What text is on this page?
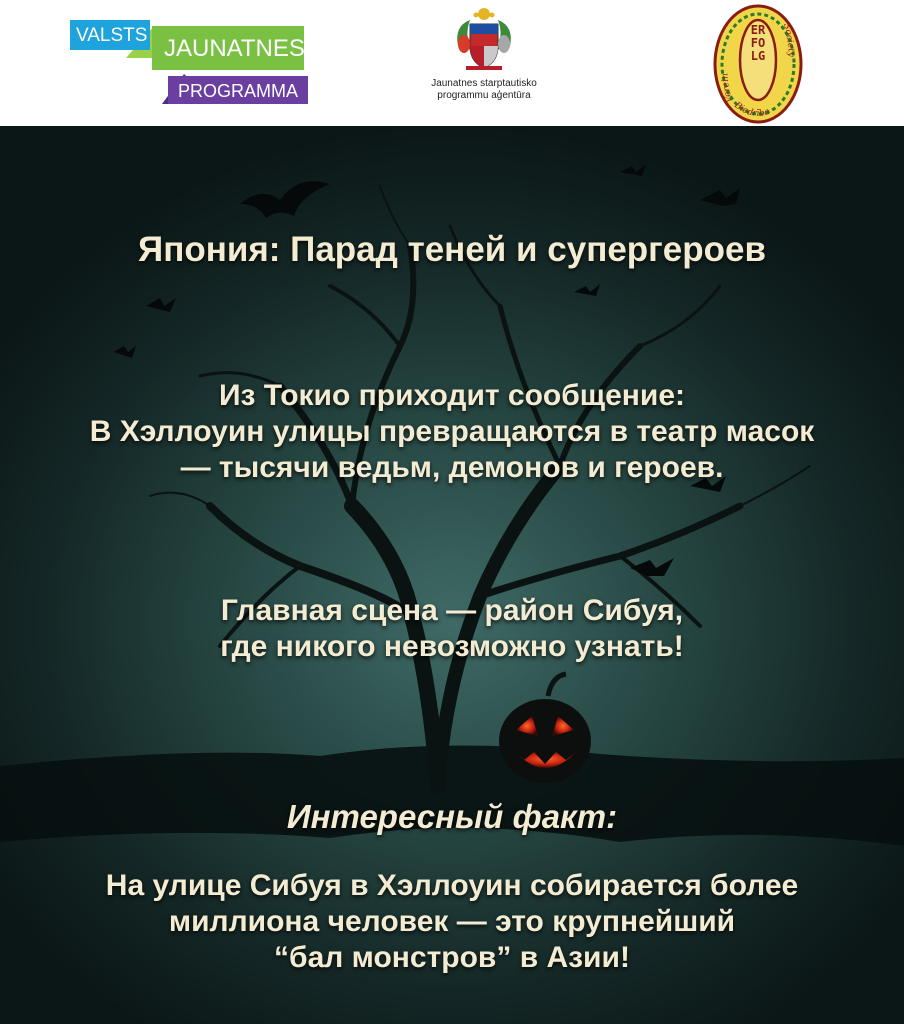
VALSTS JAUNATNES
PROGRAMMA	Jaunatnes starptautisko
programmu aģentūra	Verein
Society
Biedrība
ERFOLG
Япония: Парад теней и супергероев
Из Токио приходит сообщение:
В Хэллоуин улицы превращаются в театр масок
— тысячи ведьм, демонов и героев.
Главная сцена — район Сибуя,
где никого невозможно узнать!
Интересный факт:
На улице Сибуя в Хэллоуин собирается более
миллиона человек — это крупнейший
“бал монстров” в Азии!
